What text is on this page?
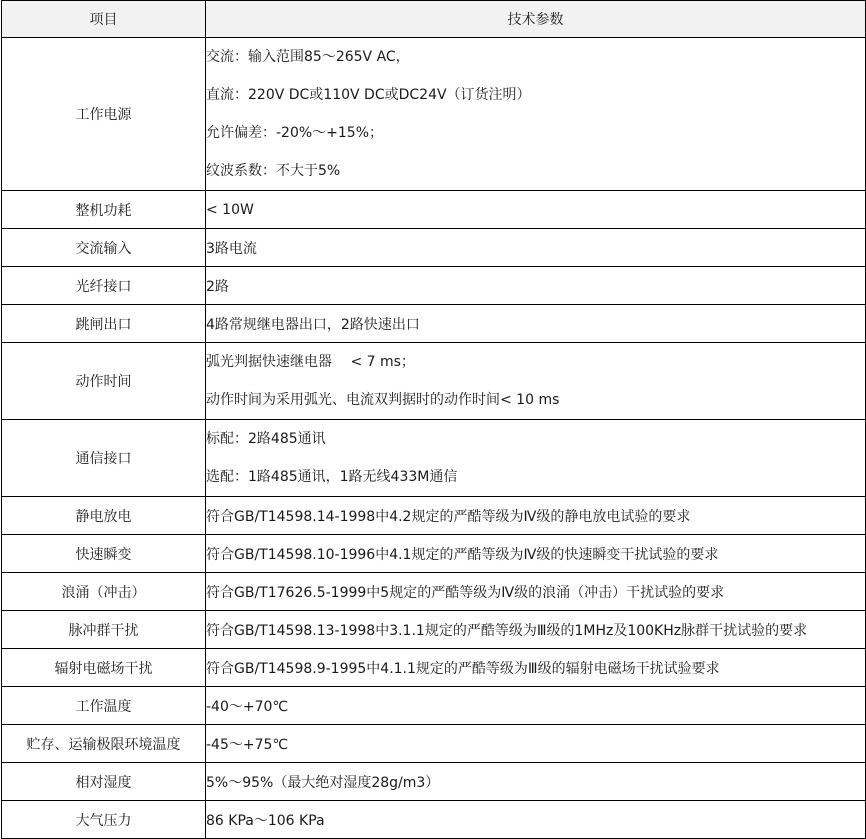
项目	技术参数
工作电源	交流：输入范围85～265V AC，
直流：220V DC或110V DC或DC24V（订货注明）
允许偏差：-20%～+15%；
纹波系数：不大于5%

整机功耗	< 10W
交流输入	3路电流
光纤接口	2路
跳闸出口	4路常规继电器出口，2路快速出口
动作时间	弧光判据快速继电器　 < 7 ms；
动作时间为采用弧光、电流双判据时的动作时间< 10 ms

通信接口	标配：2路485通讯
选配：1路485通讯，1路无线433M通信

静电放电	符合GB/T14598.14-1998中4.2规定的严酷等级为Ⅳ级的静电放电试验的要求
快速瞬变	符合GB/T14598.10-1996中4.1规定的严酷等级为Ⅳ级的快速瞬变干扰试验的要求
浪涌（冲击）	符合GB/T17626.5-1999中5规定的严酷等级为Ⅳ级的浪涌（冲击）干扰试验的要求
脉冲群干扰	符合GB/T14598.13-1998中3.1.1规定的严酷等级为Ⅲ级的1MHz及100KHz脉群干扰试验的要求
辐射电磁场干扰	符合GB/T14598.9-1995中4.1.1规定的严酷等级为Ⅲ级的辐射电磁场干扰试验要求
工作温度	-40～+70℃
贮存、运输极限环境温度	-45～+75℃
相对湿度	5%～95%（最大绝对湿度28g/m3）
大气压力	86 KPa～106 KPa
